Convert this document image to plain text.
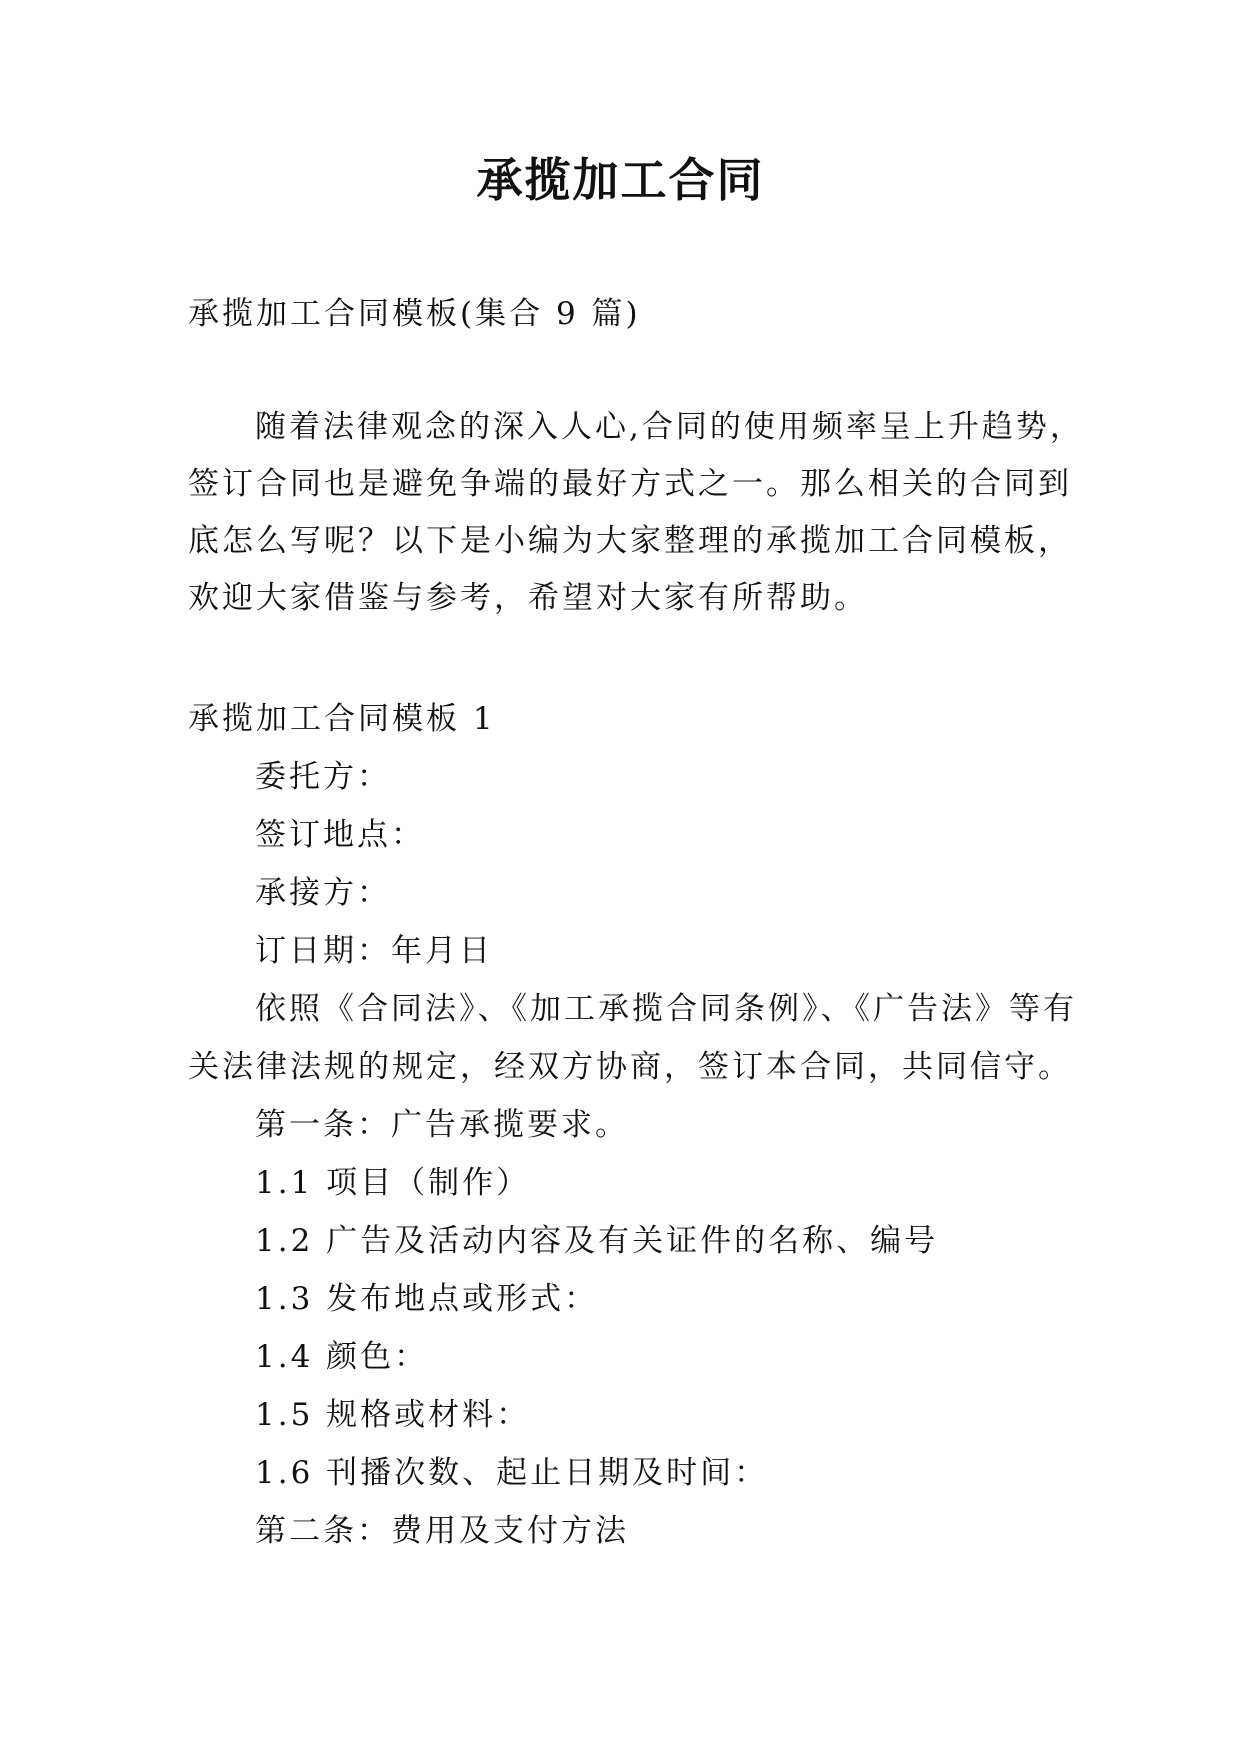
承揽加工合同
承揽加工合同模板(集合 9 篇)
随着法律观念的深入人心,合同的使用频率呈上升趋势，
签订合同也是避免争端的最好方式之一。那么相关的合同到
底怎么写呢？以下是小编为大家整理的承揽加工合同模板，
欢迎大家借鉴与参考，希望对大家有所帮助。
承揽加工合同模板 1
委托方：
签订地点：
承接方：
订日期：年月日
依照《合同法》、《加工承揽合同条例》、《广告法》等有
关法律法规的规定，经双方协商，签订本合同，共同信守。
第一条：广告承揽要求。
1.1 项目（制作）
1.2 广告及活动内容及有关证件的名称、编号
1.3 发布地点或形式：
1.4 颜色：
1.5 规格或材料：
1.6 刊播次数、起止日期及时间：
第二条：费用及支付方法
